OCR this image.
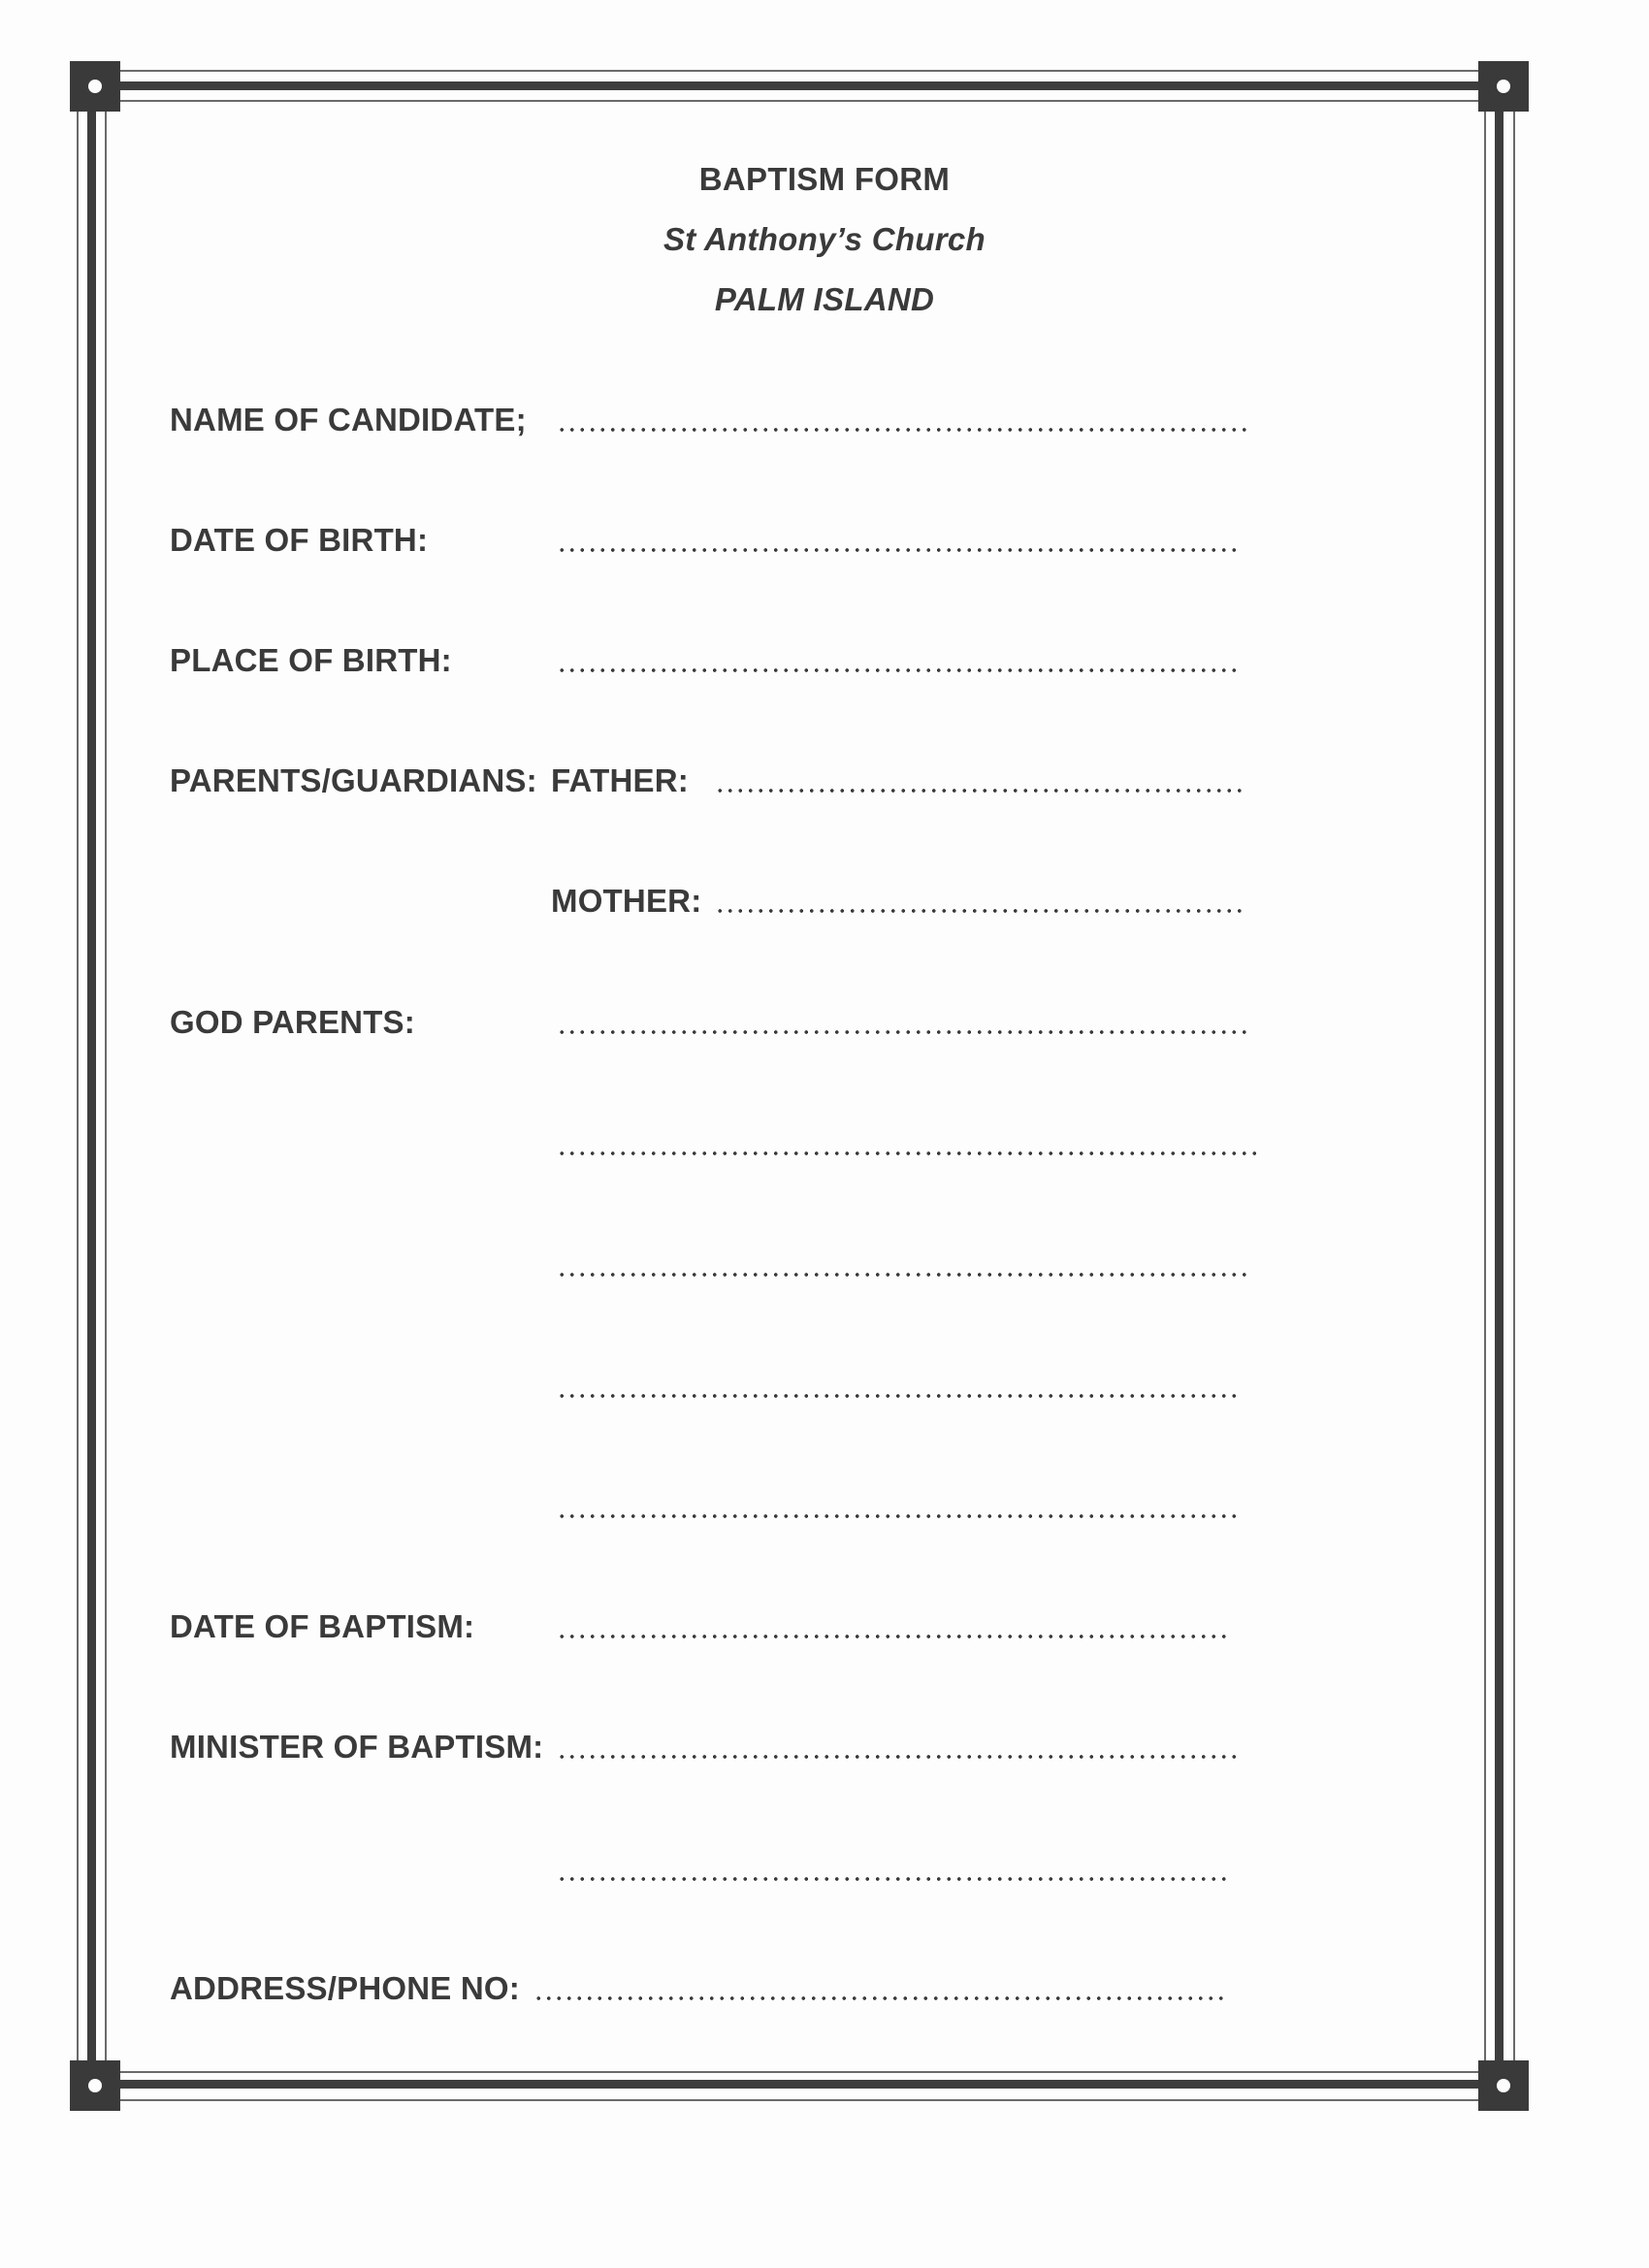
BAPTISM FORM
St Anthony’s Church
PALM ISLAND
NAME OF CANDIDATE;
DATE OF BIRTH:
PLACE OF BIRTH:
PARENTS/GUARDIANS: FATHER:
MOTHER:
GOD PARENTS:
DATE OF BAPTISM:
MINISTER OF BAPTISM:
ADDRESS/PHONE NO:
